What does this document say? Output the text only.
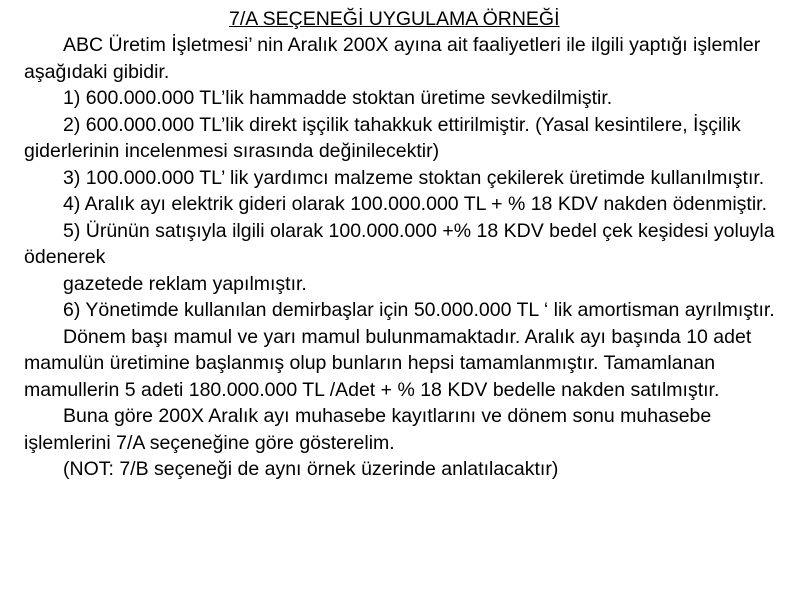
7/A SEÇENEĞİ UYGULAMA ÖRNEĞİ

ABC Üretim İşletmesi’ nin Aralık 200X ayına ait faaliyetleri ile ilgili yaptığı işlemler aşağıdaki gibidir.

1) 600.000.000 TL’lik hammadde stoktan üretime sevkedilmiştir.

2) 600.000.000 TL’lik direkt işçilik tahakkuk ettirilmiştir. (Yasal kesintilere, İşçilik giderlerinin incelenmesi sırasında değinilecektir)

3) 100.000.000 TL’ lik yardımcı malzeme stoktan çekilerek üretimde kullanılmıştır.

4) Aralık ayı elektrik gideri olarak 100.000.000 TL + % 18 KDV nakden ödenmiştir.

5) Ürünün satışıyla ilgili olarak 100.000.000 +% 18 KDV bedel çek keşidesi yoluyla ödenerek

gazetede reklam yapılmıştır.

6) Yönetimde kullanılan demirbaşlar için 50.000.000 TL ‘ lik amortisman ayrılmıştır.

Dönem başı mamul ve yarı mamul bulunmamaktadır. Aralık ayı başında 10 adet mamulün üretimine başlanmış olup bunların hepsi tamamlanmıştır. Tamamlanan mamullerin 5 adeti 180.000.000 TL /Adet + % 18 KDV bedelle nakden satılmıştır.

Buna göre 200X Aralık ayı muhasebe kayıtlarını ve dönem sonu muhasebe işlemlerini 7/A seçeneğine göre gösterelim.

(NOT: 7/B seçeneği de aynı örnek üzerinde anlatılacaktır)
